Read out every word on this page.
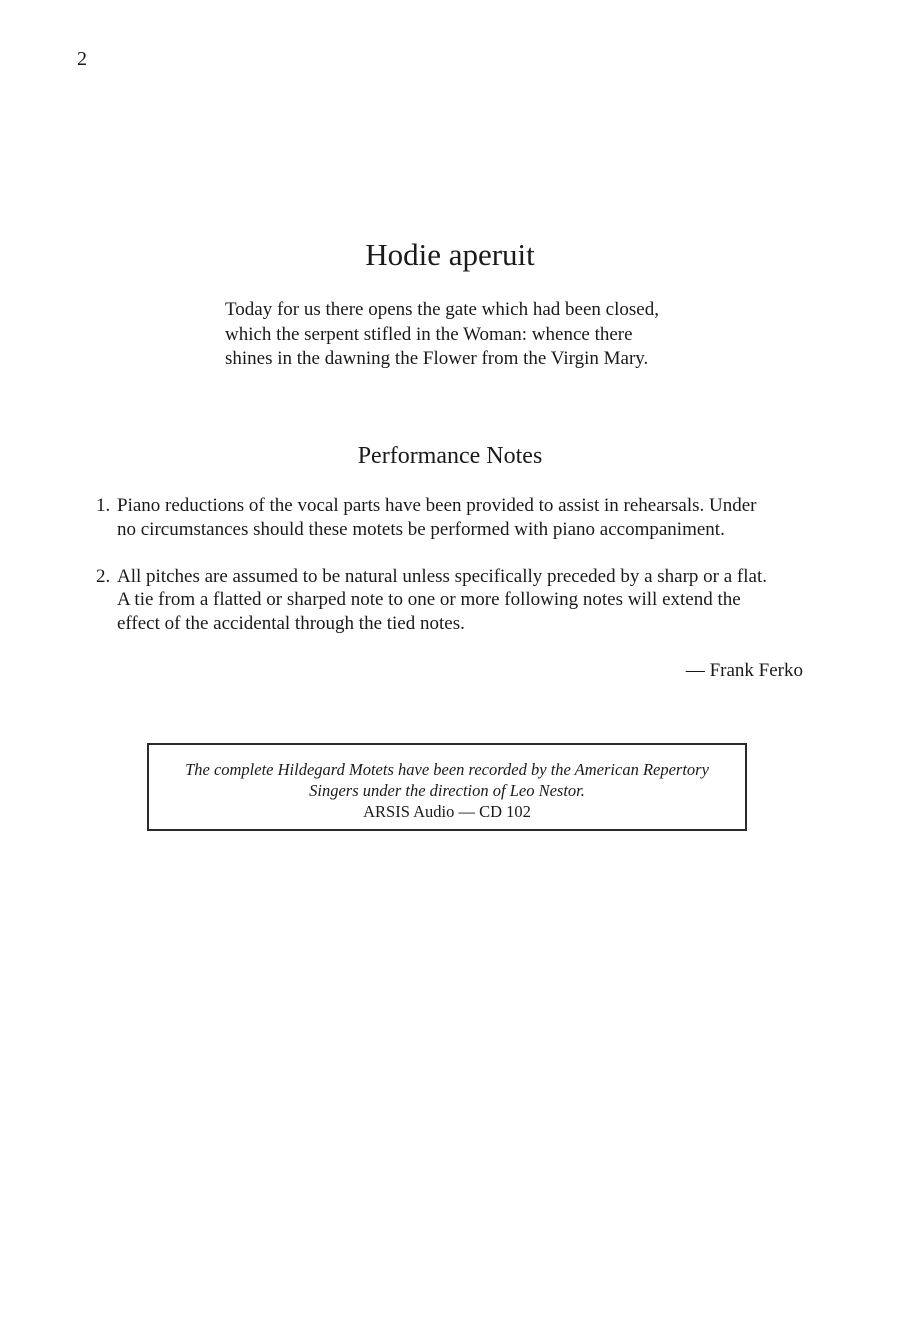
2
Hodie aperuit

Today for us there opens the gate which had been closed,
which the serpent stifled in the Woman: whence there
shines in the dawning the Flower from the Virgin Mary.

Performance Notes
1. Piano reductions of the vocal parts have been provided to assist in rehearsals. Under
no circumstances should these motets be performed with piano accompaniment.
2. All pitches are assumed to be natural unless specifically preceded by a sharp or a flat.
A tie from a flatted or sharped note to one or more following notes will extend the
effect of the accidental through the tied notes.
— Frank Ferko
The complete Hildegard Motets have been recorded by the American Repertory
Singers under the direction of Leo Nestor.
ARSIS Audio — CD 102
